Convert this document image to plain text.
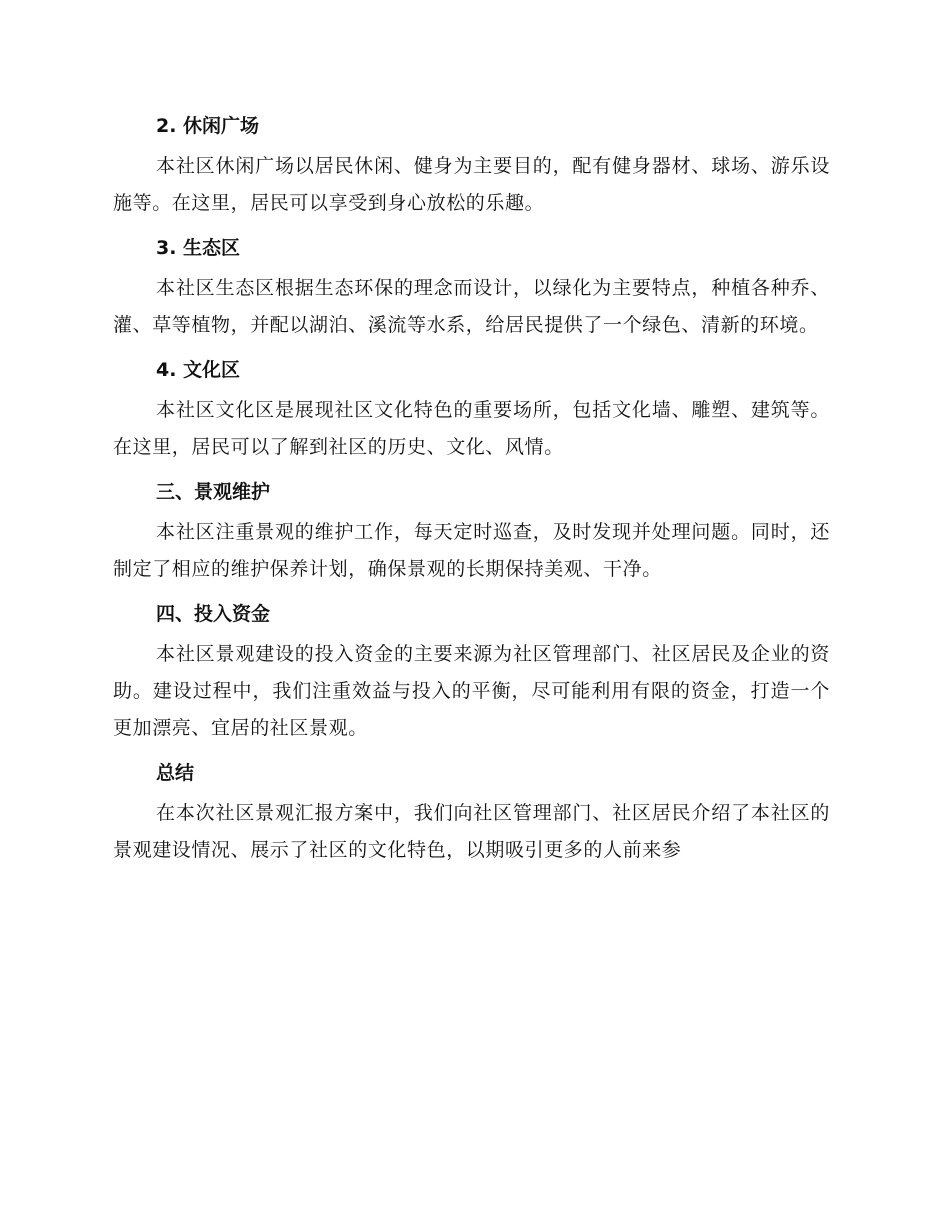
2. 休闲广场

本社区休闲广场以居民休闲、健身为主要目的，配有健身器材、球场、游乐设施等。在这里，居民可以享受到身心放松的乐趣。

3. 生态区

本社区生态区根据生态环保的理念而设计，以绿化为主要特点，种植各种乔、灌、草等植物，并配以湖泊、溪流等水系，给居民提供了一个绿色、清新的环境。

4. 文化区

本社区文化区是展现社区文化特色的重要场所，包括文化墙、雕塑、建筑等。在这里，居民可以了解到社区的历史、文化、风情。

三、景观维护

本社区注重景观的维护工作，每天定时巡查，及时发现并处理问题。同时，还制定了相应的维护保养计划，确保景观的长期保持美观、干净。

四、投入资金

本社区景观建设的投入资金的主要来源为社区管理部门、社区居民及企业的资助。建设过程中，我们注重效益与投入的平衡，尽可能利用有限的资金，打造一个更加漂亮、宜居的社区景观。

总结

在本次社区景观汇报方案中，我们向社区管理部门、社区居民介绍了本社区的景观建设情况、展示了社区的文化特色，以期吸引更多的人前来参
